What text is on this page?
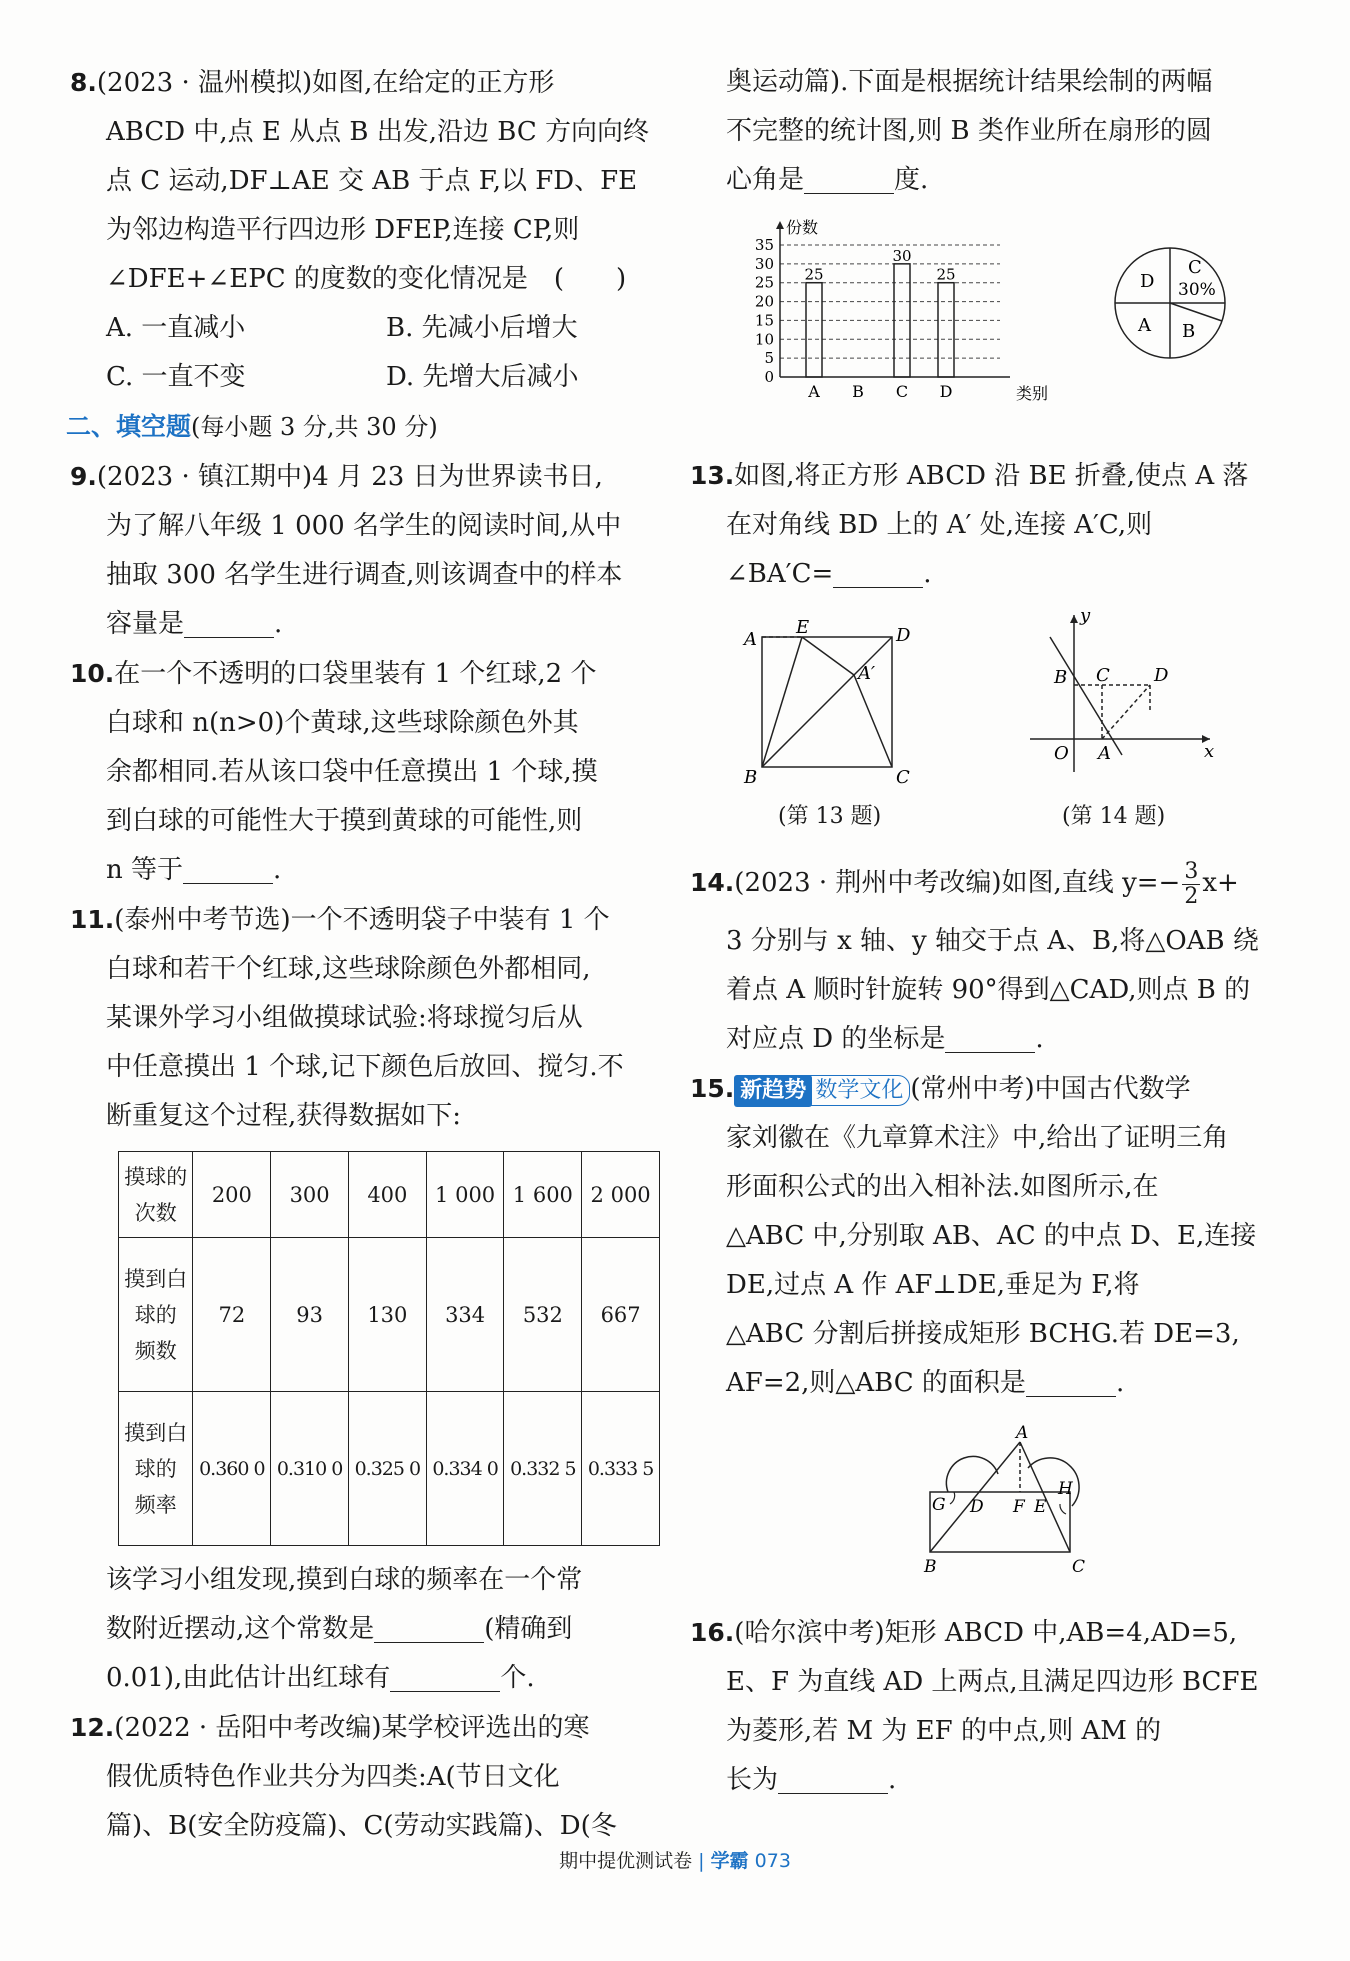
8.(2023 · 温州模拟)如图,在给定的正方形
ABCD 中,点 E 从点 B 出发,沿边 BC 方向向终
点 C 运动,DF⊥AE 交 AB 于点 F,以 FD、FE
为邻边构造平行四边形 DFEP,连接 CP,则
∠DFE+∠EPC 的度数的变化情况是　(　　)
A. 一直减小	B. 先减小后增大
C. 一直不变	D. 先增大后减小
二、填空题(每小题 3 分,共 30 分)
9.(2023 · 镇江期中)4 月 23 日为世界读书日,
为了解八年级 1 000 名学生的阅读时间,从中
抽取 300 名学生进行调查,则该调查中的样本
容量是	.
10.在一个不透明的口袋里装有 1 个红球,2 个
白球和 n(n>0)个黄球,这些球除颜色外其
余都相同.若从该口袋中任意摸出 1 个球,摸
到白球的可能性大于摸到黄球的可能性,则
n 等于	.
11.(泰州中考节选)一个不透明袋子中装有 1 个
白球和若干个红球,这些球除颜色外都相同,
某课外学习小组做摸球试验:将球搅匀后从
中任意摸出 1 个球,记下颜色后放回、搅匀.不
断重复这个过程,获得数据如下:
摸球的
次数	200	300	400	1 000	1 600	2 000

摸到白
球的
频数	72	93	130	334	532	667

摸到白
球的
频率	0.360 0	0.310 0	0.325 0	0.334 0	0.332 5	0.333 5
该学习小组发现,摸到白球的频率在一个常
数附近摆动,这个常数是	(精确到
0.01),由此估计出红球有	个.
12.(2022 · 岳阳中考改编)某学校评选出的寒
假优质特色作业共分为四类:A(节日文化
篇)、B(安全防疫篇)、C(劳动实践篇)、D(冬
奥运动篇).下面是根据统计结果绘制的两幅
不完整的统计图,则 B 类作业所在扇形的圆
心角是	度.
0
5
10
15
20
25
30
35
份数
类别
25
A B
30
C
25
D
D
C
30%
A B
13.如图,将正方形 ABCD 沿 BE 折叠,使点 A 落
在对角线 BD 上的 A′ 处,连接 A′C,则
∠BA′C=	.
A
E	D
A′
B	C
(第 13 题)
y
B C D
O A	x
(第 14 题)
14.(2023 · 荆州中考改编)如图,直线 $y=- \frac{3}{2} x+$
3 分别与 x 轴、y 轴交于点 A、B,将△OAB 绕
着点 A 顺时针旋转 90°得到△CAD,则点 B 的
对应点 D 的坐标是	.
15. 新趋势 数学文化 (常州中考)中国古代数学
家刘徽在《九章算术注》中,给出了证明三角
形面积公式的出入相补法.如图所示,在
△ABC 中,分别取 AB、AC 的中点 D、E,连接
DE,过点 A 作 AF⊥DE,垂足为 F,将
△ABC 分割后拼接成矩形 BCHG.若 DE=3,
AF=2,则△ABC 的面积是	.
A
G D F E
H
B	C
16.(哈尔滨中考)矩形 ABCD 中,AB=4,AD=5,
E、F 为直线 AD 上两点,且满足四边形 BCFE
为菱形,若 M 为 EF 的中点,则 AM 的
长为	.
期中提优测试卷 | 学霸 073
